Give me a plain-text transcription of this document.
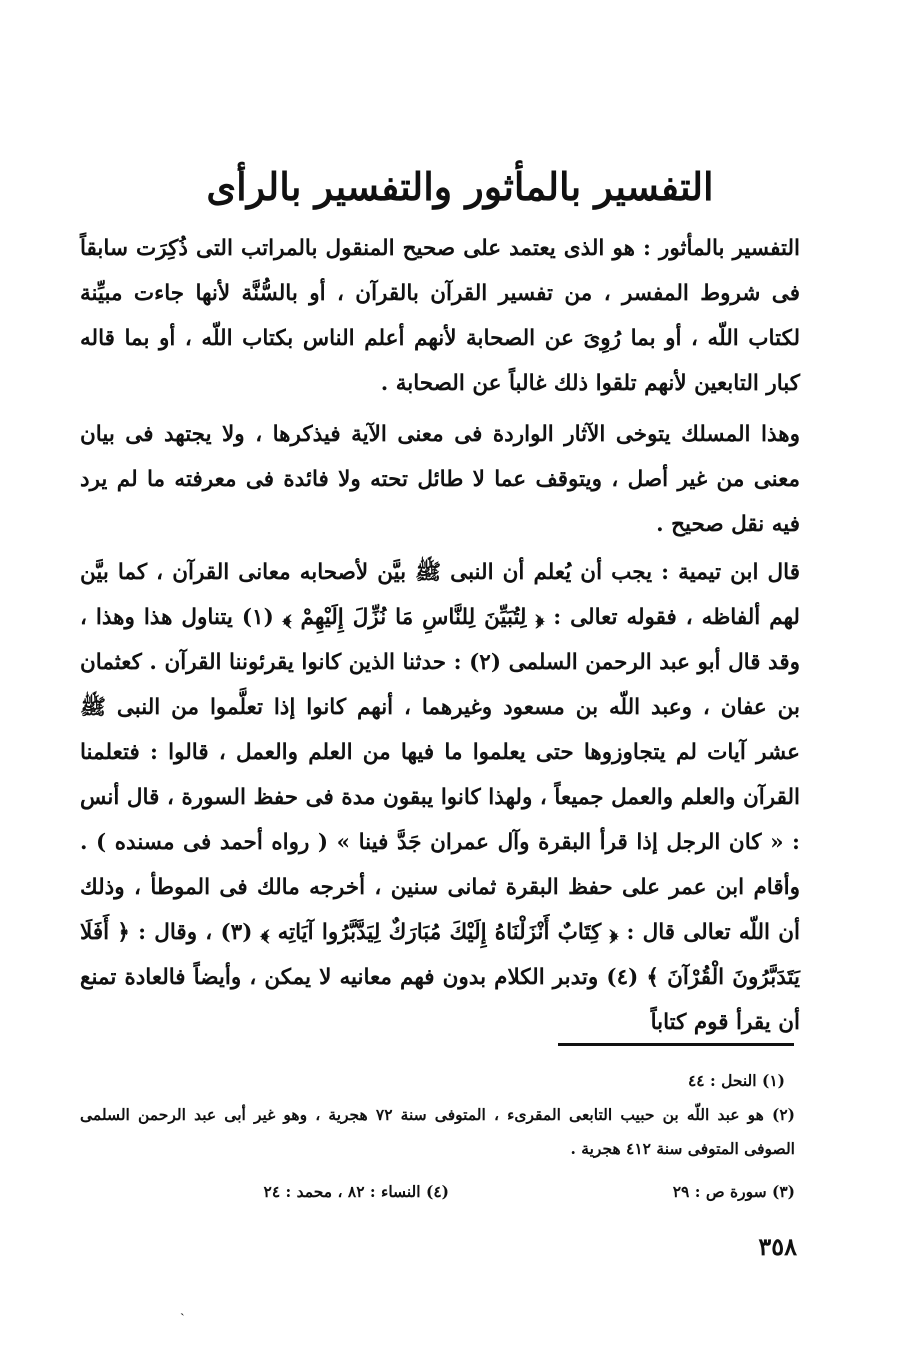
التفسير بالمأثور والتفسير بالرأى

التفسير بالمأثور : هو الذى يعتمد على صحيح المنقول بالمراتب التى ذُكِرَت سابقاً فى شروط المفسر ، من تفسير القرآن بالقرآن ، أو بالسُّنَّة لأنها جاءت مبيِّنة لكتاب اللّه ، أو بما رُوِىَ عن الصحابة لأنهم أعلم الناس بكتاب اللّه ، أو بما قاله كبار التابعين لأنهم تلقوا ذلك غالباً عن الصحابة .

وهذا المسلك يتوخى الآثار الواردة فى معنى الآية فيذكرها ، ولا يجتهد فى بيان معنى من غير أصل ، ويتوقف عما لا طائل تحته ولا فائدة فى معرفته ما لم يرد فيه نقل صحيح .

قال ابن تيمية : يجب أن يُعلم أن النبى ﷺ بيَّن لأصحابه معانى القرآن ، كما بيَّن لهم ألفاظه ، فقوله تعالى : ﴿ لِتُبَيِّنَ لِلنَّاسِ مَا نُزِّلَ إِلَيْهِمْ ﴾ (١) يتناول هذا وهذا ، وقد قال أبو عبد الرحمن السلمى (٢) : حدثنا الذين كانوا يقرئوننا القرآن . كعثمان بن عفان ، وعبد اللّه بن مسعود وغيرهما ، أنهم كانوا إذا تعلَّموا من النبى ﷺ عشر آيات لم يتجاوزوها حتى يعلموا ما فيها من العلم والعمل ، قالوا : فتعلمنا القرآن والعلم والعمل جميعاً ، ولهذا كانوا يبقون مدة فى حفظ السورة ، قال أنس : « كان الرجل إذا قرأ البقرة وآل عمران جَدَّ فينا » ( رواه أحمد فى مسنده ) . وأقام ابن عمر على حفظ البقرة ثمانى سنين ، أخرجه مالك فى الموطأ ، وذلك أن اللّه تعالى قال : ﴿ كِتَابٌ أَنْزَلْنَاهُ إِلَيْكَ مُبَارَكٌ لِيَدَّبَّرُوا آيَاتِه ﴾ (٣) ، وقال : ﴿ أَفَلَا يَتَدَبَّرُونَ الْقُرْآنَ ﴾ (٤) وتدبر الكلام بدون فهم معانيه لا يمكن ، وأيضاً فالعادة تمنع أن يقرأ قوم كتاباً

(١) النحل : ٤٤

(٢) هو عبد اللّه بن حبيب التابعى المقرىء ، المتوفى سنة ٧٢ هجرية ، وهو غير أبى عبد الرحمن السلمى الصوفى المتوفى سنة ٤١٢ هجرية .

(٣) سورة ص : ٢٩

(٤) النساء : ٨٢ ، محمد : ٢٤

٣٥٨
˴
